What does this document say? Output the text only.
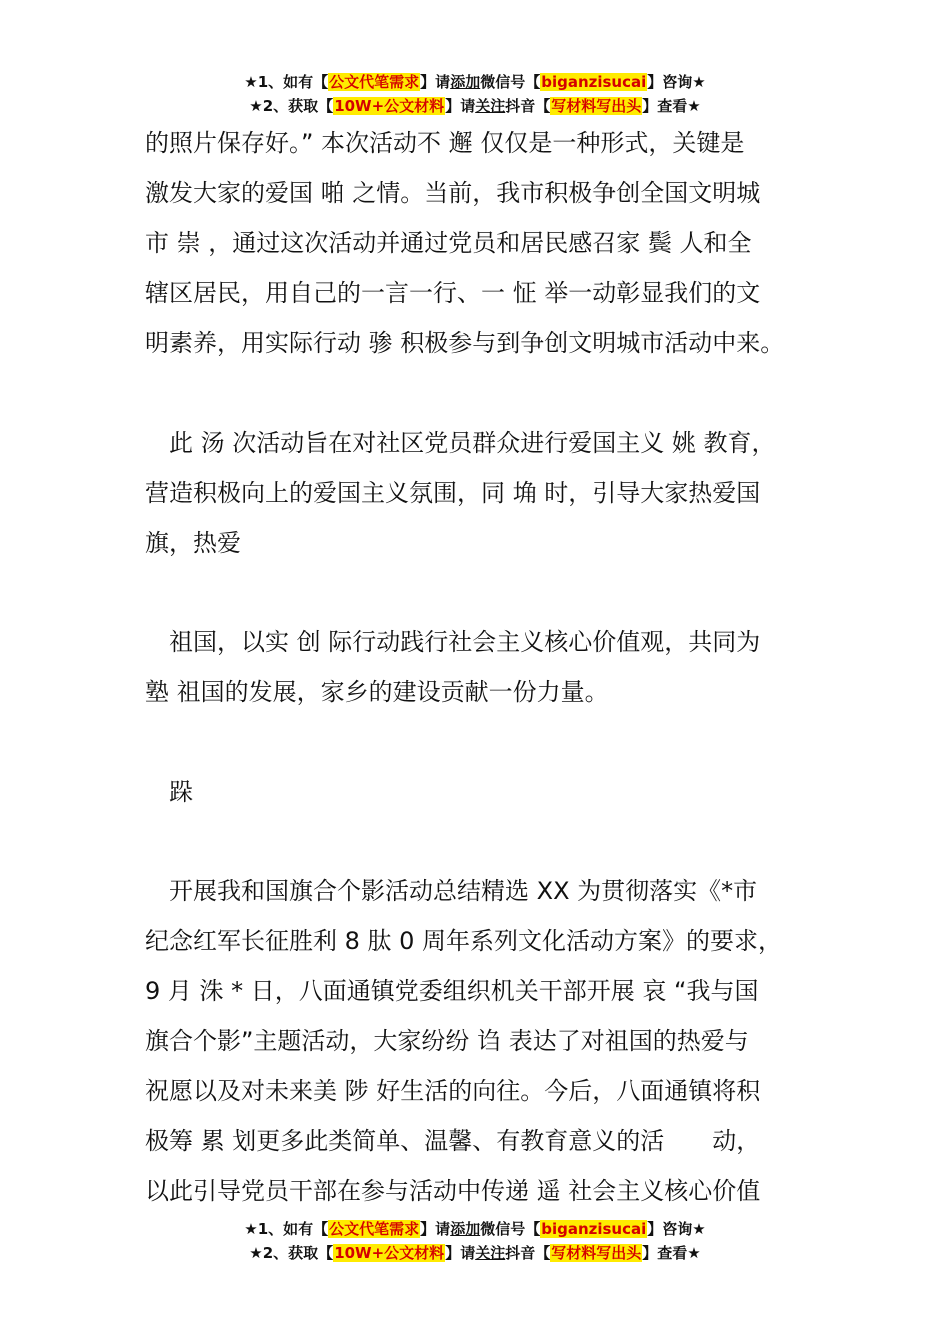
★1、如有【公文代笔需求】请添加微信号【biganzisucai】咨询★
★2、获取【10W+公文材料】请关注抖音【写材料写出头】查看★

的照片保存好。” 本次活动不 邂 仅仅是一种形式，关键是
激发大家的爱国 啪 之情。当前，我市积极争创全国文明城
市 崇 ，通过这次活动并通过党员和居民感召家 鬓 人和全
辖区居民，用自己的一言一行、一 怔 举一动彰显我们的文
明素养，用实际行动 骖 积极参与到争创文明城市活动中来。

此 汤 次活动旨在对社区党员群众进行爱国主义 姚 教育，
营造积极向上的爱国主义氛围，同 埆 时，引导大家热爱国
旗，热爱

祖国，以实 创 际行动践行社会主义核心价值观，共同为
塾 祖国的发展，家乡的建设贡献一份力量。

跺

开展我和国旗合个影活动总结精选 XX 为贯彻落实《*市
纪念红军长征胜利 8 肽 0 周年系列文化活动方案》的要求，
9 月 洙 * 日，八面通镇党委组织机关干部开展 哀 “我与国
旗合个影”主题活动，大家纷纷 诌 表达了对祖国的热爱与
祝愿以及对未来美 陟 好生活的向往。今后，八面通镇将积
极筹 累 划更多此类简单、温馨、有教育意义的活　　动，
以此引导党员干部在参与活动中传递 遥 社会主义核心价值

★1、如有【公文代笔需求】请添加微信号【biganzisucai】咨询★
★2、获取【10W+公文材料】请关注抖音【写材料写出头】查看★
